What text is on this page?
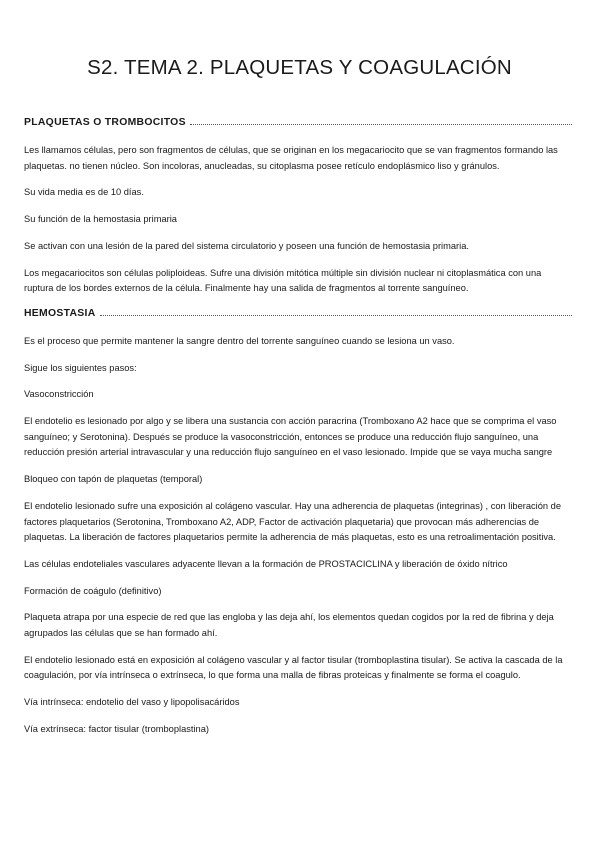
S2. TEMA 2. PLAQUETAS Y COAGULACIÓN
PLAQUETAS O TROMBOCITOS

Les llamamos células, pero son fragmentos de células, que se originan en los megacariocito que se van fragmentos formando las plaquetas. no tienen núcleo. Son incoloras, anucleadas, su citoplasma posee retículo endoplásmico liso y gránulos.

Su vida media es de 10 días.

Su función de la hemostasia primaria

Se activan con una lesión de la pared del sistema circulatorio y poseen una función de hemostasia primaria.

Los megacariocitos son células poliploideas. Sufre una división mitótica múltiple sin división nuclear ni citoplasmática con una ruptura de los bordes externos de la célula. Finalmente hay una salida de fragmentos al torrente sanguíneo.

HEMOSTASIA

Es el proceso que permite mantener la sangre dentro del torrente sanguíneo cuando se lesiona un vaso.

Sigue los siguientes pasos:

Vasoconstricción

El endotelio es lesionado por algo y se libera una sustancia con acción paracrina (Tromboxano A2 hace que se comprima el vaso sanguíneo; y Serotonina). Después se produce la vasoconstricción, entonces se produce una reducción flujo sanguíneo, una reducción presión arterial intravascular y una reducción flujo sanguíneo en el vaso lesionado. Impide que se vaya mucha sangre

Bloqueo con tapón de plaquetas (temporal)

El endotelio lesionado sufre una exposición al colágeno vascular. Hay una adherencia de plaquetas (integrinas) , con liberación de factores plaquetarios (Serotonina, Tromboxano A2, ADP, Factor de activación plaquetaria) que provocan más adherencias de plaquetas. La liberación de factores plaquetarios permite la adherencia de más plaquetas, esto es una retroalimentación positiva.

Las células endoteliales vasculares adyacente llevan a la formación de PROSTACICLINA y liberación de óxido nítrico

Formación de coágulo (definitivo)

Plaqueta atrapa por una especie de red que las engloba y las deja ahí, los elementos quedan cogidos por la red de fibrina y deja agrupados las células que se han formado ahí.

El endotelio lesionado está en exposición al colágeno vascular y al factor tisular (tromboplastina tisular). Se activa la cascada de la coagulación, por vía intrínseca o extrínseca, lo que forma una malla de fibras proteicas y finalmente se forma el coagulo.

Vía intrínseca: endotelio del vaso y lipopolisacáridos

Vía extrínseca: factor tisular (tromboplastina)
